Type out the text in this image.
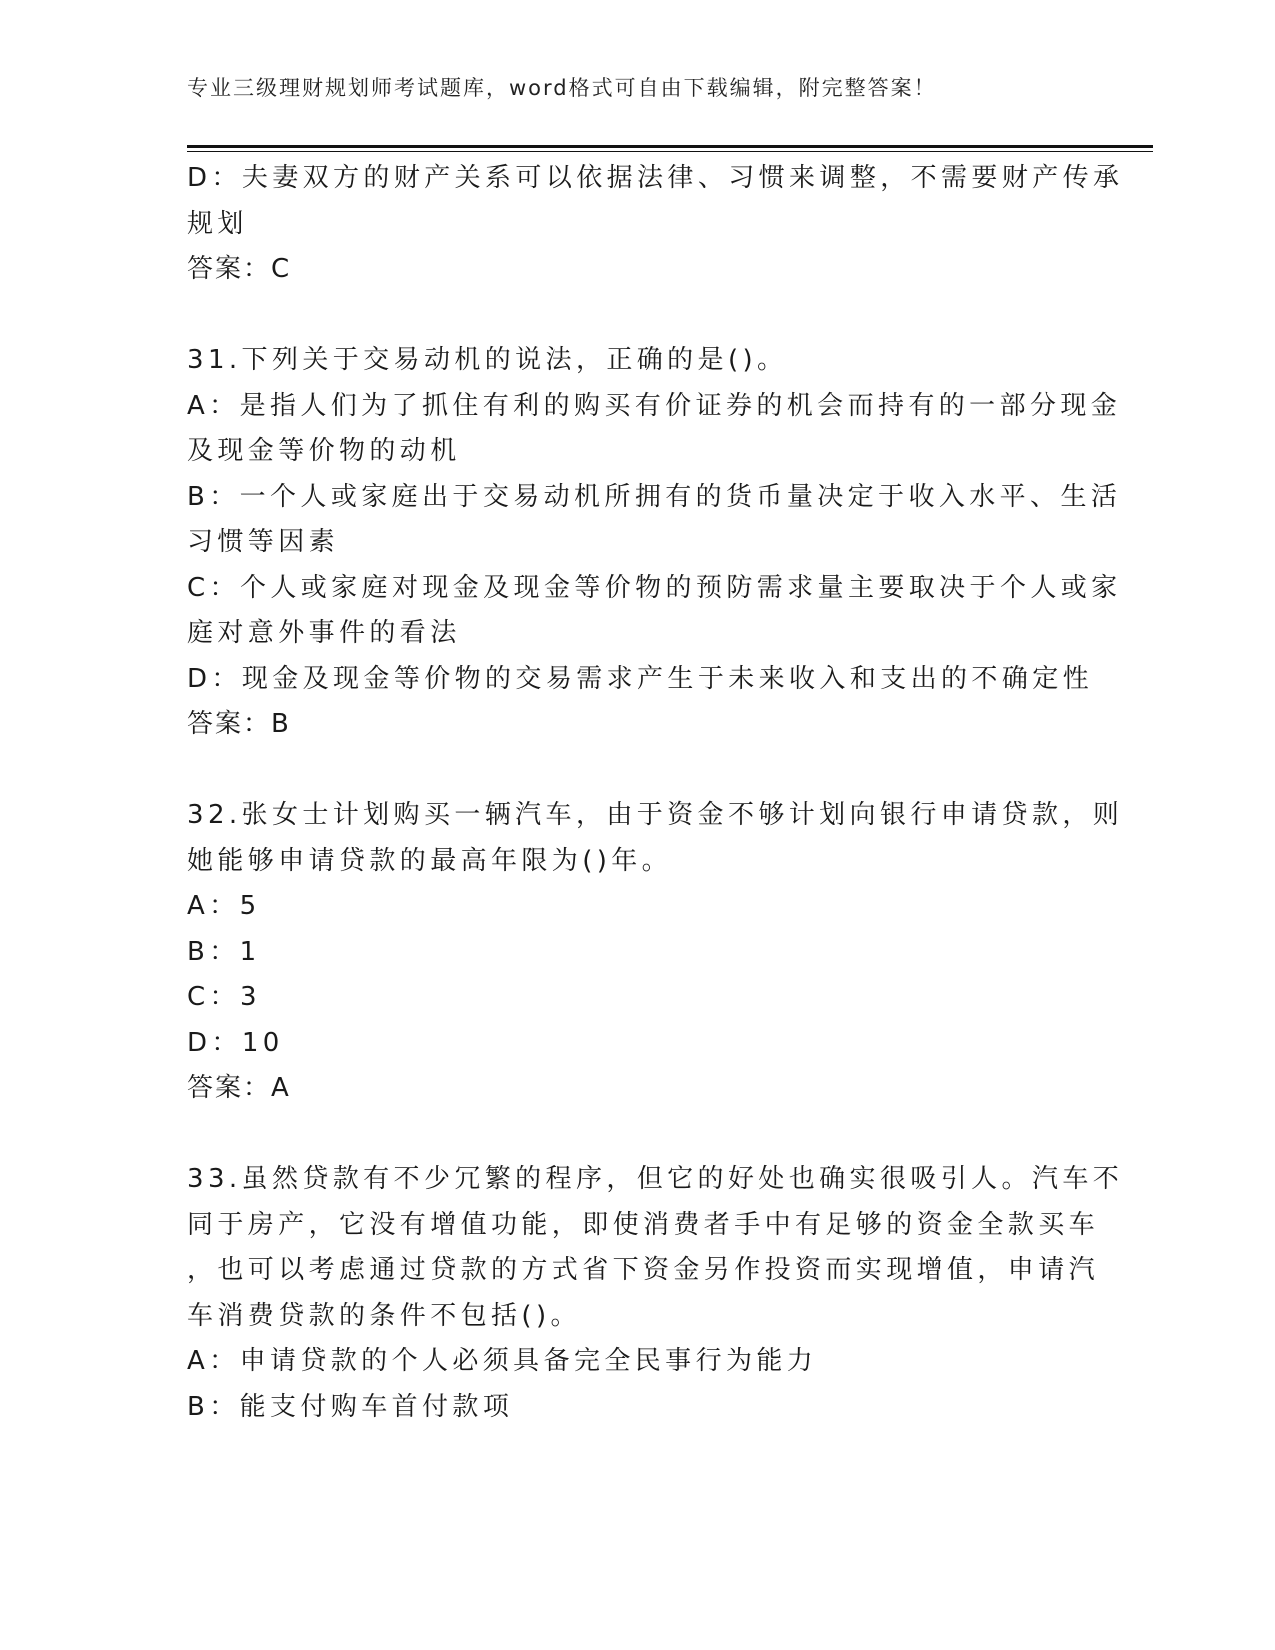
专业三级理财规划师考试题库，word格式可自由下载编辑，附完整答案！
D：夫妻双方的财产关系可以依据法律、习惯来调整，不需要财产传承
规划
答案：C
31.下列关于交易动机的说法，正确的是()。
A：是指人们为了抓住有利的购买有价证券的机会而持有的一部分现金
及现金等价物的动机
B：一个人或家庭出于交易动机所拥有的货币量决定于收入水平、生活
习惯等因素
C：个人或家庭对现金及现金等价物的预防需求量主要取决于个人或家
庭对意外事件的看法
D：现金及现金等价物的交易需求产生于未来收入和支出的不确定性
答案：B
32.张女士计划购买一辆汽车，由于资金不够计划向银行申请贷款，则
她能够申请贷款的最高年限为()年。
A：5
B：1
C：3
D：10
答案：A
33.虽然贷款有不少冗繁的程序，但它的好处也确实很吸引人。汽车不
同于房产，它没有增值功能，即使消费者手中有足够的资金全款买车
，也可以考虑通过贷款的方式省下资金另作投资而实现增值，申请汽
车消费贷款的条件不包括()。
A：申请贷款的个人必须具备完全民事行为能力
B：能支付购车首付款项
